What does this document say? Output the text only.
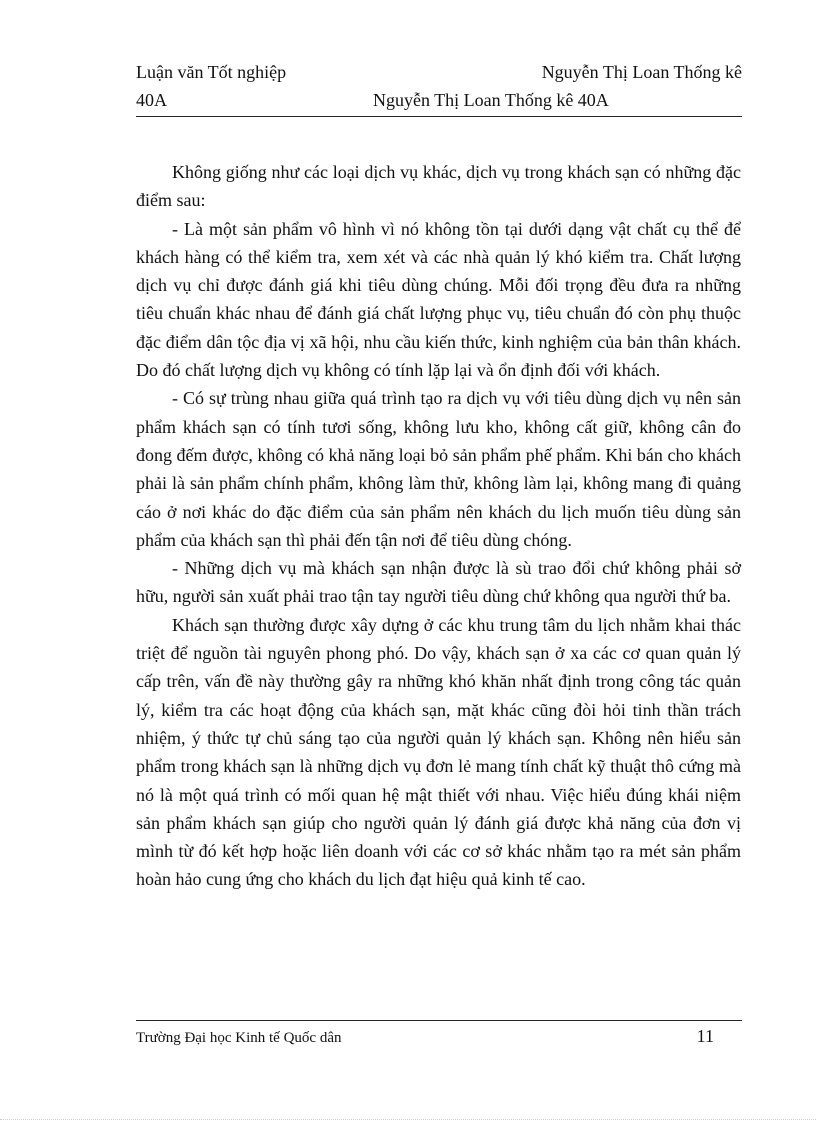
Luận văn Tốt nghiệp	Nguyễn Thị Loan Thống kê
40A	Nguyễn Thị Loan Thống kê 40A

Không giống như các loại dịch vụ khác, dịch vụ trong khách sạn có những đặc điểm sau:

- Là một sản phẩm vô hình vì nó không tồn tại dưới dạng vật chất cụ thể để khách hàng có thể kiểm tra, xem xét và các nhà quản lý khó kiểm tra. Chất lượng dịch vụ chỉ được đánh giá khi tiêu dùng chúng. Mỗi đối trọng đều đưa ra những tiêu chuẩn khác nhau để đánh giá chất lượng phục vụ, tiêu chuẩn đó còn phụ thuộc đặc điểm dân tộc địa vị xã hội, nhu cầu kiến thức, kinh nghiệm của bản thân khách. Do đó chất lượng dịch vụ không có tính lặp lại và ổn định đối với khách.

- Có sự trùng nhau giữa quá trình tạo ra dịch vụ với tiêu dùng dịch vụ nên sản phẩm khách sạn có tính tươi sống, không lưu kho, không cất giữ, không cân đo đong đếm được, không có khả năng loại bỏ sản phẩm phế phẩm. Khi bán cho khách phải là sản phẩm chính phẩm, không làm thử, không làm lại, không mang đi quảng cáo ở nơi khác do đặc điểm của sản phẩm nên khách du lịch muốn tiêu dùng sản phẩm của khách sạn thì phải đến tận nơi để tiêu dùng chóng.

- Những dịch vụ mà khách sạn nhận được là sù trao đổi chứ không phải sở hữu, người sản xuất phải trao tận tay người tiêu dùng chứ không qua người thứ ba.

Khách sạn thường được xây dựng ở các khu trung tâm du lịch nhằm khai thác triệt để nguồn tài nguyên phong phó. Do vậy, khách sạn ở xa các cơ quan quản lý cấp trên, vấn đề này thường gây ra những khó khăn nhất định trong công tác quản lý, kiểm tra các hoạt động của khách sạn, mặt khác cũng đòi hỏi tinh thần trách nhiệm, ý thức tự chủ sáng tạo của người quản lý khách sạn. Không nên hiểu sản phẩm trong khách sạn là những dịch vụ đơn lẻ mang tính chất kỹ thuật thô cứng mà nó là một quá trình có mối quan hệ mật thiết với nhau. Việc hiểu đúng khái niệm sản phẩm khách sạn giúp cho người quản lý đánh giá được khả năng của đơn vị mình từ đó kết hợp hoặc liên doanh với các cơ sở khác nhằm tạo ra mét sản phẩm hoàn hảo cung ứng cho khách du lịch đạt hiệu quả kinh tế cao.

Trường Đại học Kinh tế Quốc dân	11
